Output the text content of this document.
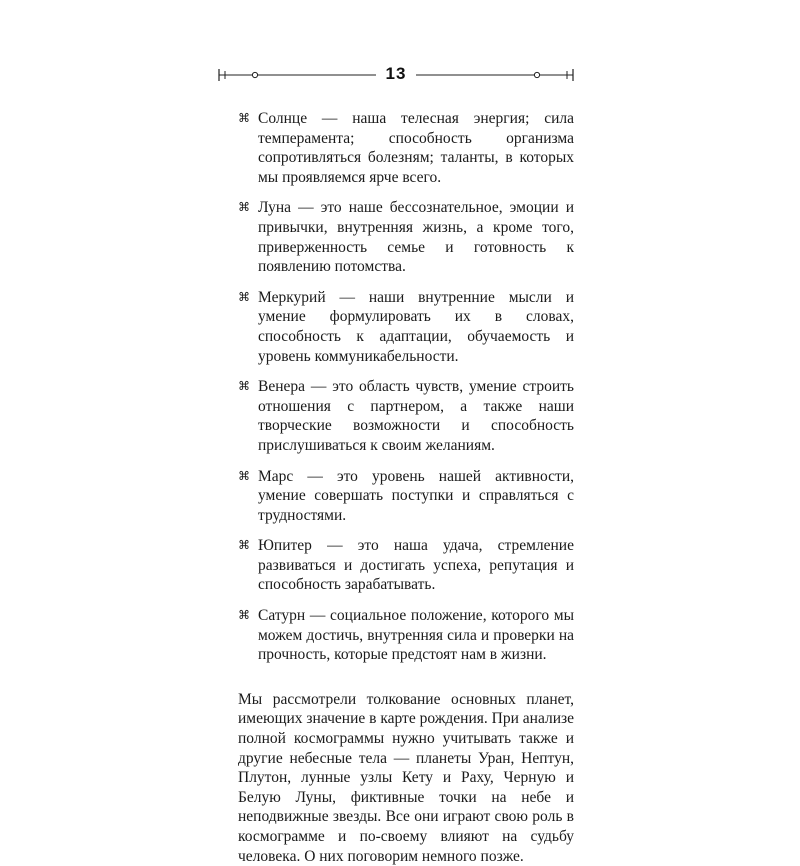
13
⌘ Солнце — наша телесная энергия; сила темперамента; способность организма сопротивляться болезням; таланты, в которых мы проявляемся ярче всего.
⌘ Луна — это наше бессознательное, эмоции и привычки, внутренняя жизнь, а кроме того, приверженность семье и готовность к появлению потомства.
⌘ Меркурий — наши внутренние мысли и умение формулировать их в словах, способность к адаптации, обучаемость и уровень коммуникабельности.
⌘ Венера — это область чувств, умение строить отношения с партнером, а также наши творческие возможности и способность прислушиваться к своим желаниям.
⌘ Марс — это уровень нашей активности, умение совершать поступки и справляться с трудностями.
⌘ Юпитер — это наша удача, стремление развиваться и достигать успеха, репутация и способность зарабатывать.
⌘ Сатурн — социальное положение, которого мы можем достичь, внутренняя сила и проверки на прочность, которые предстоят нам в жизни.

Мы рассмотрели толкование основных планет, имеющих значение в карте рождения. При анализе полной космограммы нужно учитывать также и другие небесные тела — планеты Уран, Нептун, Плутон, лунные узлы Кету и Раху, Черную и Белую Луны, фиктивные точки на небе и неподвижные звезды. Все они играют свою роль в космограмме и по-своему влияют на судьбу человека. О них поговорим немного позже.
